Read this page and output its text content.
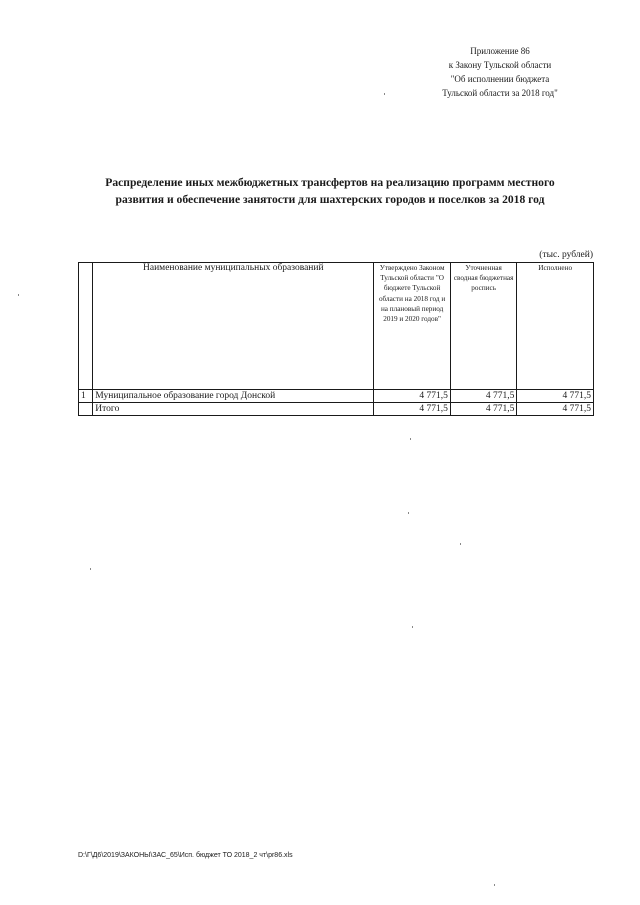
Приложение 86
к Закону Тульской области
"Об исполнении бюджета
Тульской области за 2018 год"
Распределение иных межбюджетных трансфертов на реализацию программ местного
развития и обеспечение занятости для шахтерских городов и поселков за 2018 год
(тыс. рублей)
	Наименование муниципальных образований	Утверждено Законом Тульской области "О бюджете Тульской области на 2018 год и на плановый период 2019 и 2020 годов"	Уточненная сводная бюджетная роспись	Исполнено
1	Муниципальное образование город Донской	4 771,5	4 771,5	4 771,5
	Итого	4 771,5	4 771,5	4 771,5
D:\Г\Д6\2019\ЗАКОНЫ\ЗАС_65\Исп. бюджет ТО 2018_2 чт\pr86.xls
